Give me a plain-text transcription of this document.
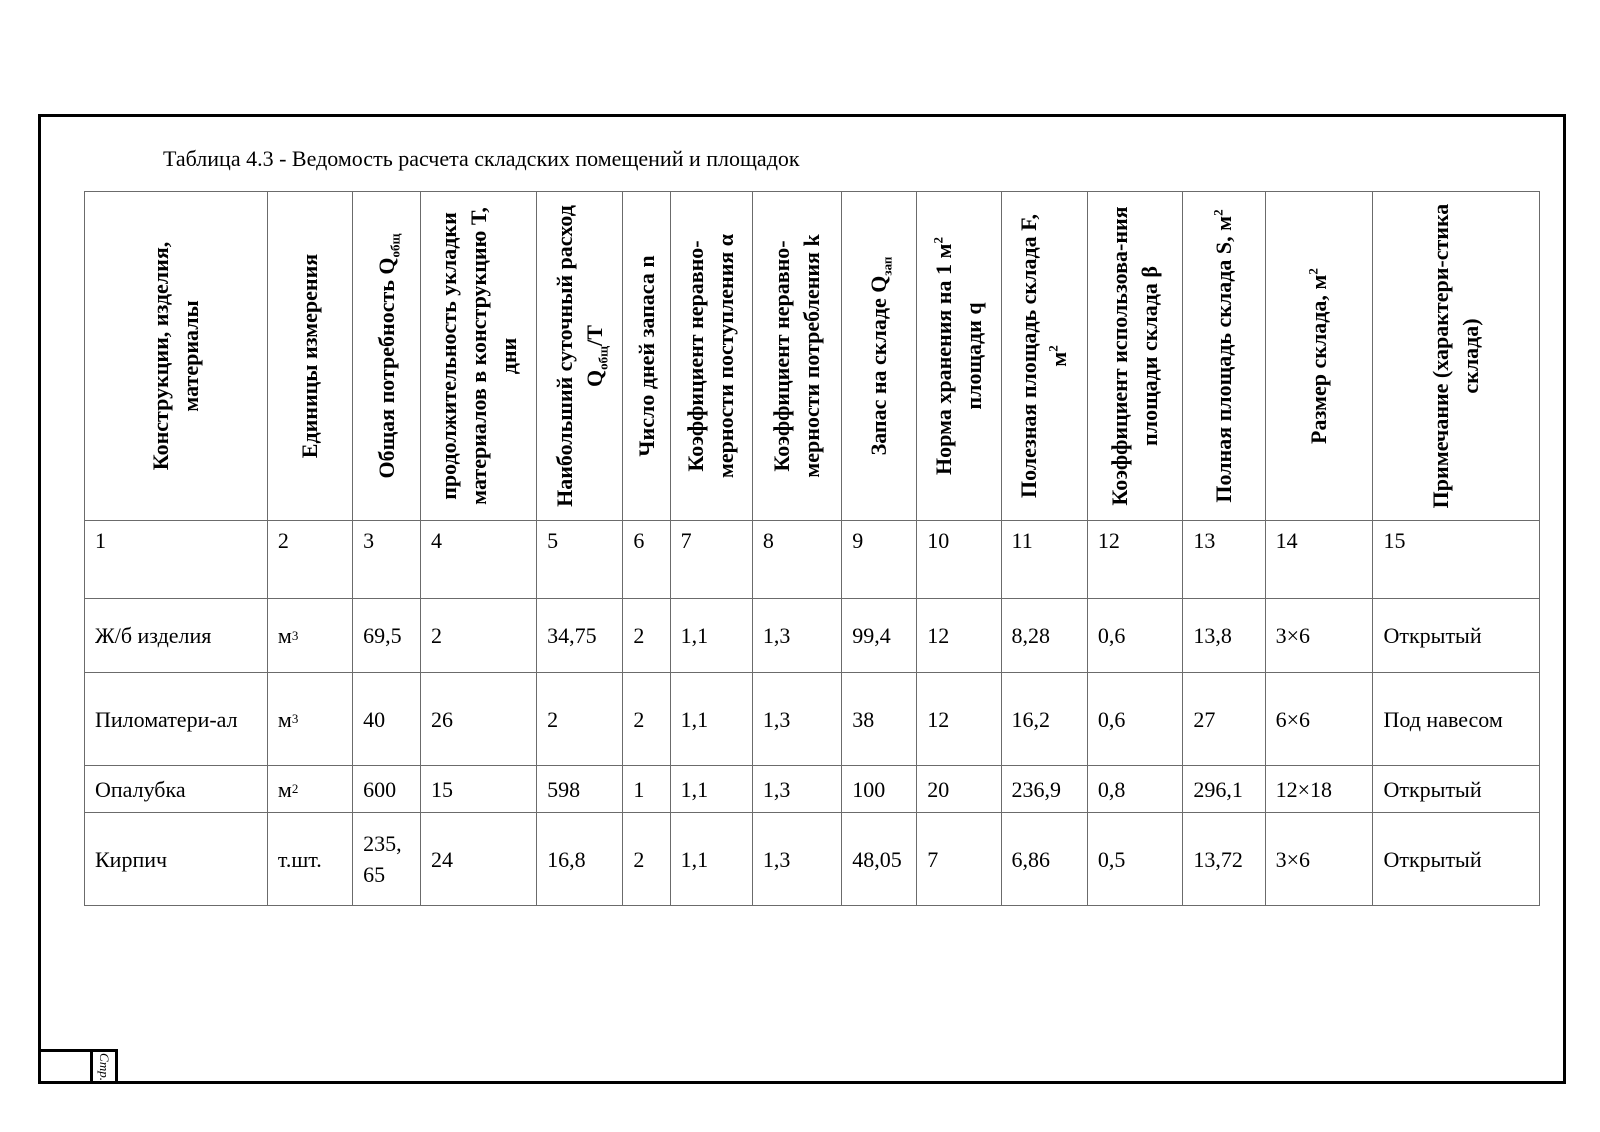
Таблица 4.3 - Ведомость расчета складских помещений и площадок
Конструкции, изделия, материалы	Единицы измерения	Общая потребность $Q_{общ}$	продолжительность укладки материалов в конструкцию Т, дни	Наибольший суточный расход $Q_{общ}/Т$	Число дней запаса n	Коэффициент неравно-мерности поступления α	Коэффициент неравно-мерности потребления k	Запас на складе $Q_{зап}$	Норма хранения на 1 $м^2$ площади q	Полезная площадь склада F, $м^2$	Коэффициент использова-ния площади склада β	Полная площадь склада S, $м^2$	Размер склада, $м^2$	Примечание (характери-стика склада)

1	2	3	4	5	6	7	8	9	10	11	12	13	14	15

Ж/б изделия	м 3	69,5	2	34,75	2	1,1	1,3	99,4	12	8,28	0,6	13,8	3×6	Открытый

Пиломатери-ал	м 3	40	26	2	2	1,1	1,3	38	12	16,2	0,6	27	6×6	Под навесом

Опалубка	м 2	600	15	598	1	1,1	1,3	100	20	236,9	0,8	296,1	12×18	Открытый

Кирпич	т.шт.	235,65	24	16,8	2	1,1	1,3	48,05	7	6,86	0,5	13,72	3×6	Открытый
Стр.
